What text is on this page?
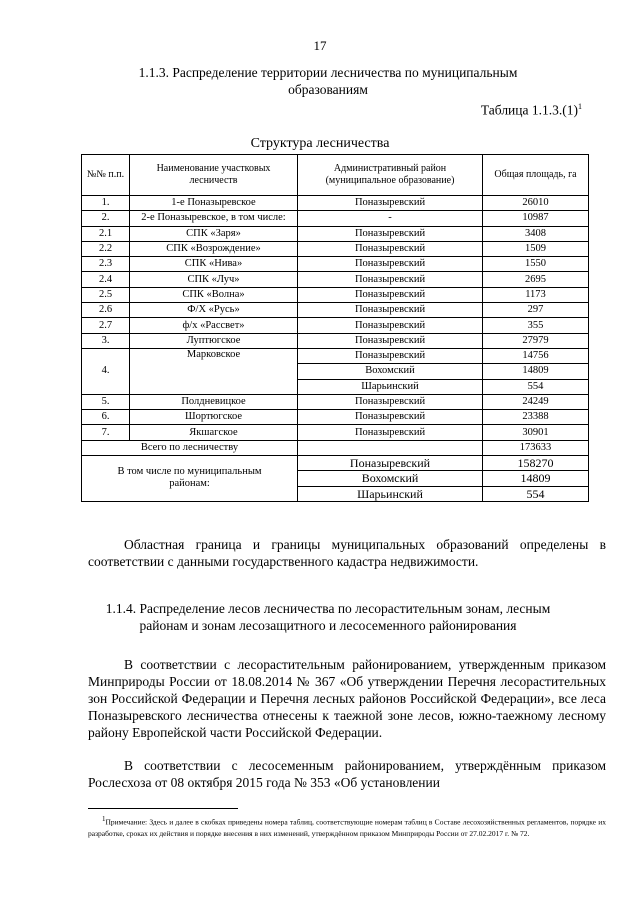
17
1.1.3. Распределение территории лесничества по муниципальным
образованиям
Таблица $1.1.3.(1)^1$
Структура лесничества
№№ п.п.	Наименование участковых лесничеств	Административный район (муниципальное образование)	Общая площадь, га
1.	1-е Поназыревское	Поназыревский	26010
2.	2-е Поназыревское, в том числе:	-	10987
2.1	СПК «Заря»	Поназыревский	3408
2.2	СПК «Возрождение»	Поназыревский	1509
2.3	СПК «Нива»	Поназыревский	1550
2.4	СПК «Луч»	Поназыревский	2695
2.5	СПК «Волна»	Поназыревский	1173
2.6	Ф/Х «Русь»	Поназыревский	297
2.7	ф/х «Рассвет»	Поназыревский	355
3.	Луптюгское	Поназыревский	27979
4.	Марковское	Поназыревский	14756
		Вохомский	14809
		Шарьинский	554
5.	Полдневицкое	Поназыревский	24249
6.	Шортюгское	Поназыревский	23388
7.	Якшагское	Поназыревский	30901
Всего по лесничеству			173633
В том числе по муниципальным районам:		Поназыревский	158270
		Вохомский	14809
		Шарьинский	554
Областная граница и границы муниципальных образований определены в соответствии с данными государственного кадастра недвижимости.
1.1.4. Распределение лесов лесничества по лесорастительным зонам, лесным
районам и зонам лесозащитного и лесосеменного районирования
В соответствии с лесорастительным районированием, утвержденным приказом Минприроды России от 18.08.2014 № 367 «Об утверждении Перечня лесорастительных зон Российской Федерации и Перечня лесных районов Российской Федерации», все леса Поназыревского лесничества отнесены к таежной зоне лесов, южно-таежному лесному району Европейской части Российской Федерации.
В соответствии с лесосеменным районированием, утверждённым приказом Рослесхоза от 08 октября 2015 года № 353 «Об установлении
$^1$Примечание: Здесь и далее в скобках приведены номера таблиц, соответствующие номерам таблиц в Составе лесохозяйственных регламентов, порядке их разработке, сроках их действия и порядке внесения в них изменений, утверждённом приказом Минприроды России от 27.02.2017 г. № 72.
